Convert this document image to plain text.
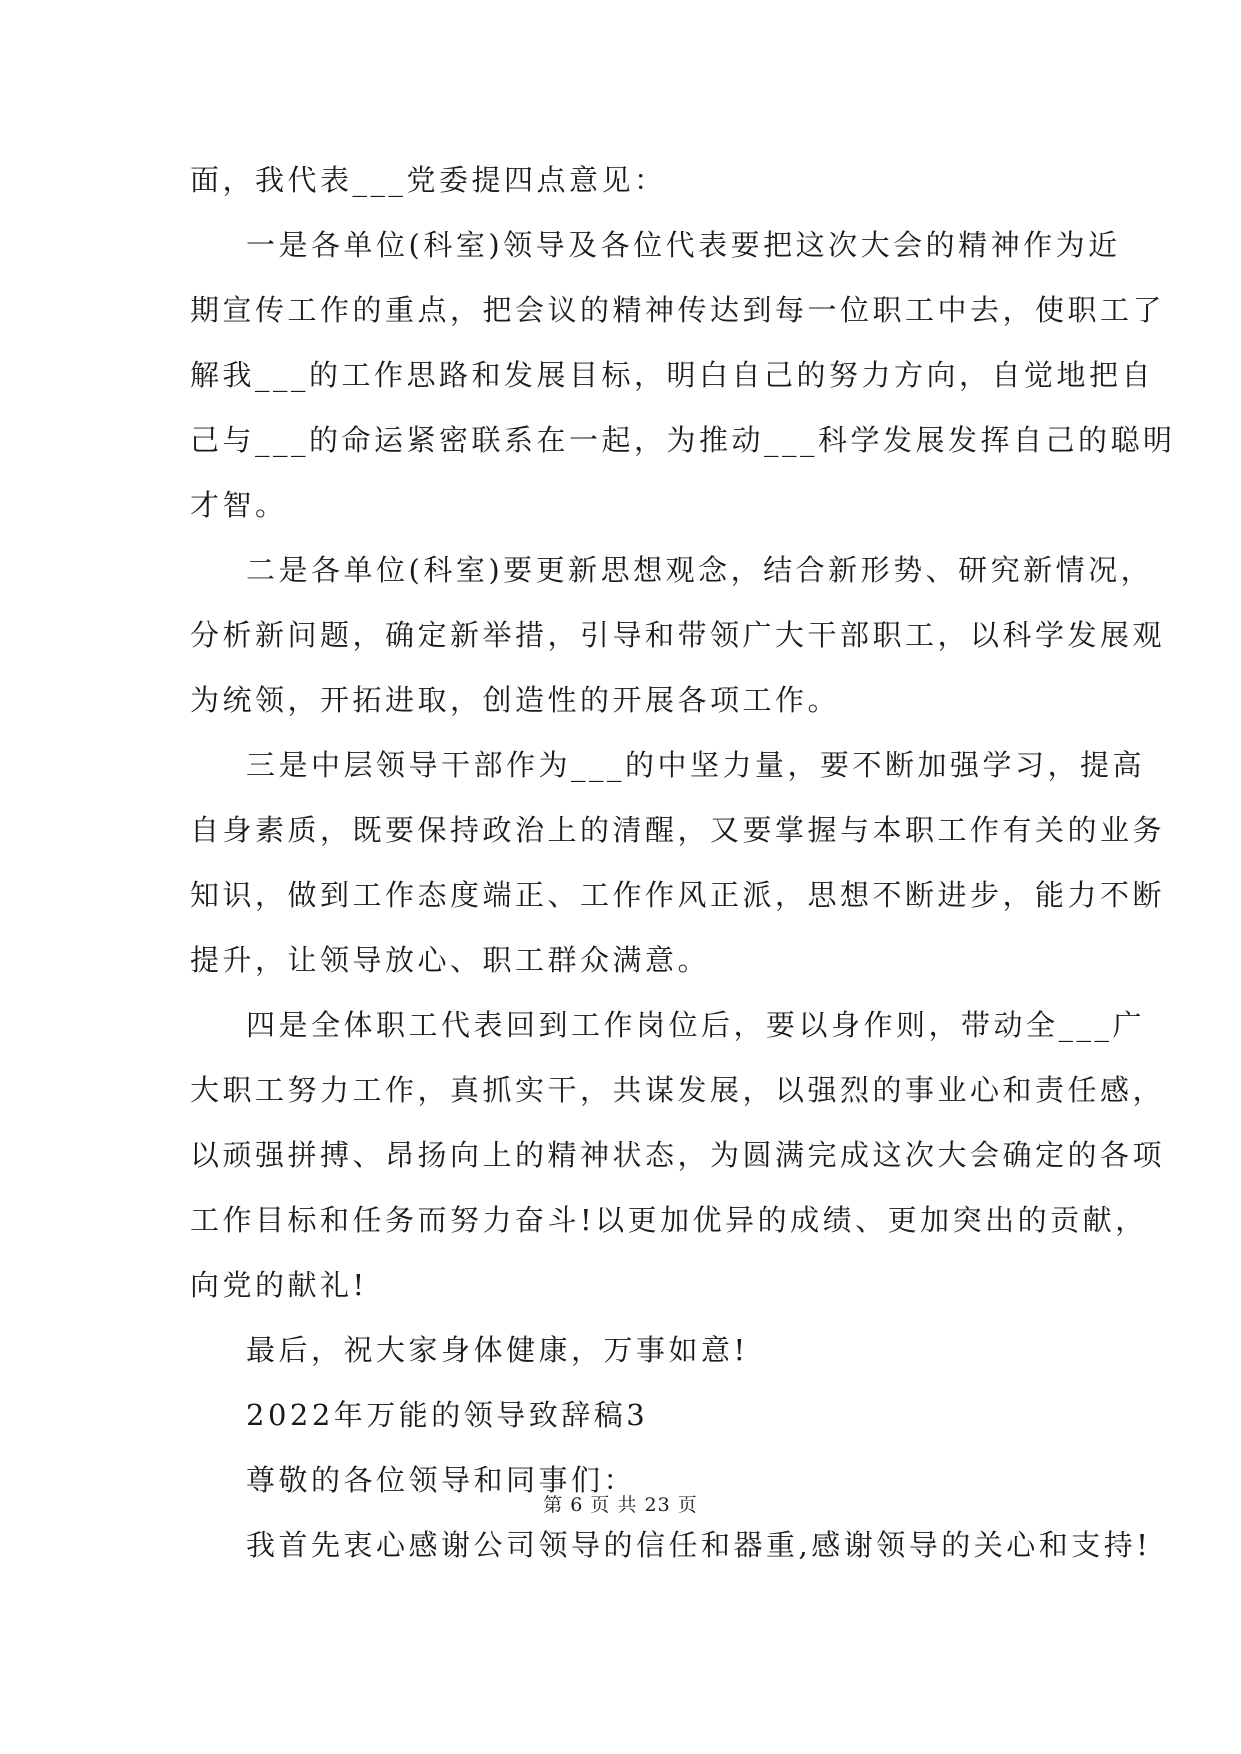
面，我代表___党委提四点意见：
一是各单位(科室)领导及各位代表要把这次大会的精神作为近
期宣传工作的重点，把会议的精神传达到每一位职工中去，使职工了
解我___的工作思路和发展目标，明白自己的努力方向，自觉地把自
己与___的命运紧密联系在一起，为推动___科学发展发挥自己的聪明
才智。
二是各单位(科室)要更新思想观念，结合新形势、研究新情况，
分析新问题，确定新举措，引导和带领广大干部职工，以科学发展观
为统领，开拓进取，创造性的开展各项工作。
三是中层领导干部作为___的中坚力量，要不断加强学习，提高
自身素质，既要保持政治上的清醒，又要掌握与本职工作有关的业务
知识，做到工作态度端正、工作作风正派，思想不断进步，能力不断
提升，让领导放心、职工群众满意。
四是全体职工代表回到工作岗位后，要以身作则，带动全___广
大职工努力工作，真抓实干，共谋发展，以强烈的事业心和责任感，
以顽强拼搏、昂扬向上的精神状态，为圆满完成这次大会确定的各项
工作目标和任务而努力奋斗!以更加优异的成绩、更加突出的贡献，
向党的献礼!
最后，祝大家身体健康，万事如意!
2022年万能的领导致辞稿3
尊敬的各位领导和同事们：
我首先衷心感谢公司领导的信任和器重,感谢领导的关心和支持!
第 6 页 共 23 页
